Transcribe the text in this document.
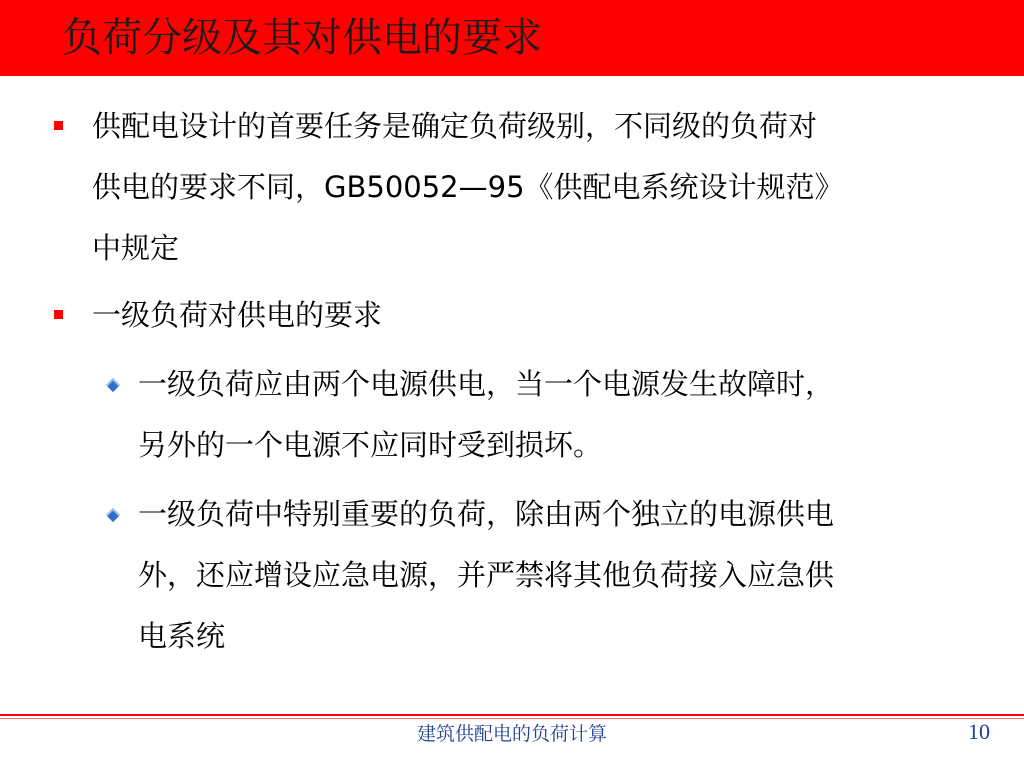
负荷分级及其对供电的要求
供配电设计的首要任务是确定负荷级别，不同级的负荷对
供电的要求不同，GB50052—95《供配电系统设计规范》
中规定
一级负荷对供电的要求
一级负荷应由两个电源供电，当一个电源发生故障时，
另外的一个电源不应同时受到损坏。
一级负荷中特别重要的负荷，除由两个独立的电源供电
外，还应增设应急电源，并严禁将其他负荷接入应急供
电系统
建筑供配电的负荷计算	10
